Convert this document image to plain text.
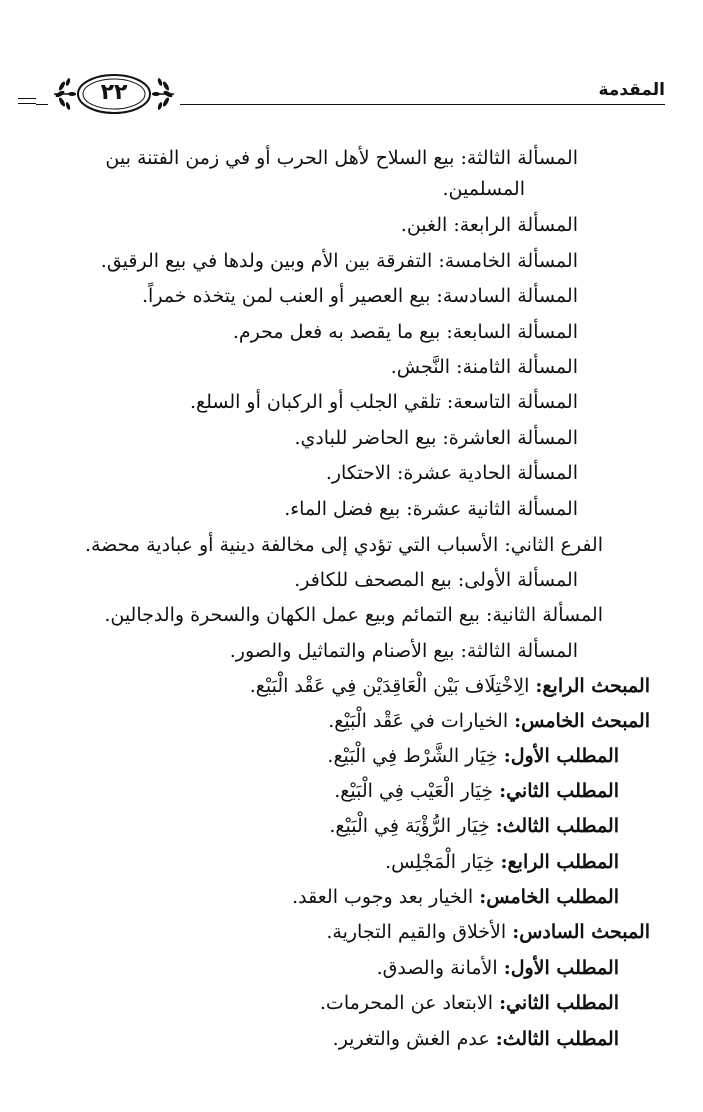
المقدمة
٢٢
المسألة الثالثة: بيع السلاح لأهل الحرب أو في زمن الفتنة بين
المسلمين.
المسألة الرابعة: الغبن.
المسألة الخامسة: التفرقة بين الأم وبين ولدها في بيع الرقيق.
المسألة السادسة: بيع العصير أو العنب لمن يتخذه خمراً.
المسألة السابعة: بيع ما يقصد به فعل محرم.
المسألة الثامنة: النَّجش.
المسألة التاسعة: تلقي الجلب أو الركبان أو السلع.
المسألة العاشرة: بيع الحاضر للبادي.
المسألة الحادية عشرة: الاحتكار.
المسألة الثانية عشرة: بيع فضل الماء.
الفرع الثاني: الأسباب التي تؤدي إلى مخالفة دينية أو عبادية محضة.
المسألة الأولى: بيع المصحف للكافر.
المسألة الثانية: بيع التمائم وبيع عمل الكهان والسحرة والدجالين.
المسألة الثالثة: بيع الأصنام والتماثيل والصور.
المبحث الرابع: الِاخْتِلَاف بَيْن الْعَاقِدَيْن فِي عَقْد الْبَيْع.
المبحث الخامس: الخيارات في عَقْد الْبَيْع.
المطلب الأول: خِيَار الشَّرْط فِي الْبَيْع.
المطلب الثاني: خِيَار الْعَيْب فِي الْبَيْع.
المطلب الثالث: خِيَار الرُّؤْيَة فِي الْبَيْع.
المطلب الرابع: خِيَار الْمَجْلِس.
المطلب الخامس: الخيار بعد وجوب العقد.
المبحث السادس: الأخلاق والقيم التجارية.
المطلب الأول: الأمانة والصدق.
المطلب الثاني: الابتعاد عن المحرمات.
المطلب الثالث: عدم الغش والتغرير.
